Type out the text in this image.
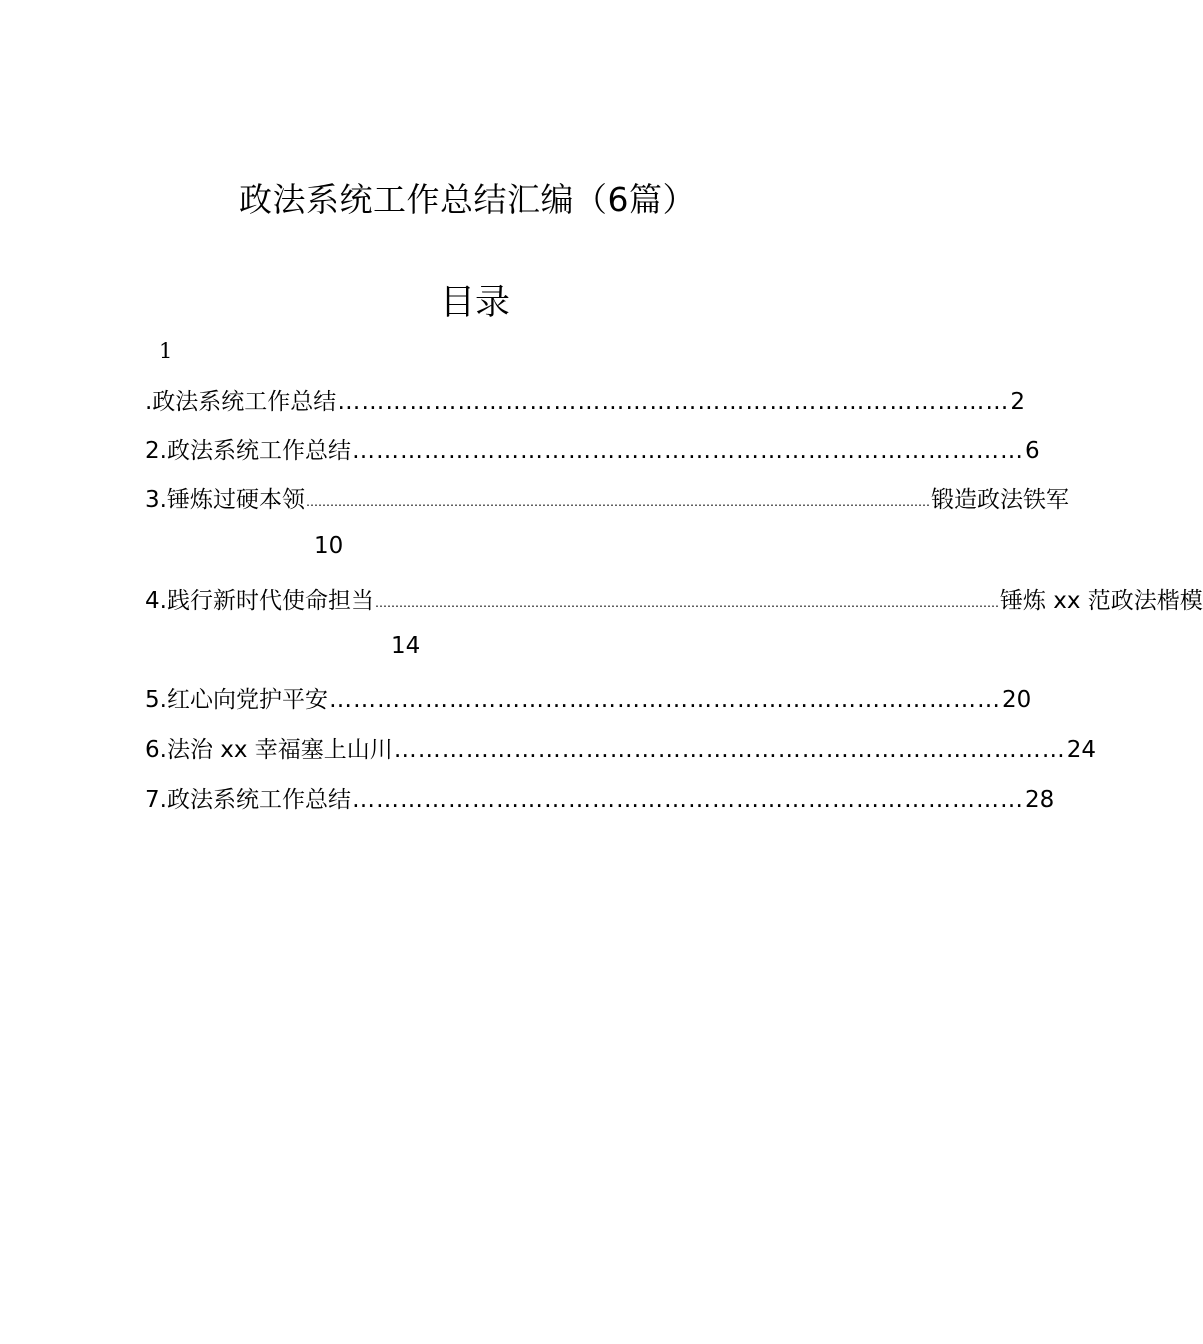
政法系统工作总结汇编（6篇）
目录
1
.政法系统工作总结 ………………………………………………………………………… 2
2.政法系统工作总结 ………………………………………………………………………… 6
3.锤炼过硬本领 ………………………………………………………………………………………………………………………………………… 锻造政法铁军
10
4.践行新时代使命担当 ………………………………………………………………………………………………………………………………………… 锤炼 xx 范政法楷模
14
5.红心向党护平安 ………………………………………………………………………… 20
6.法治 xx 幸福塞上山川 ………………………………………………………………………… 24
7.政法系统工作总结 ………………………………………………………………………… 28
